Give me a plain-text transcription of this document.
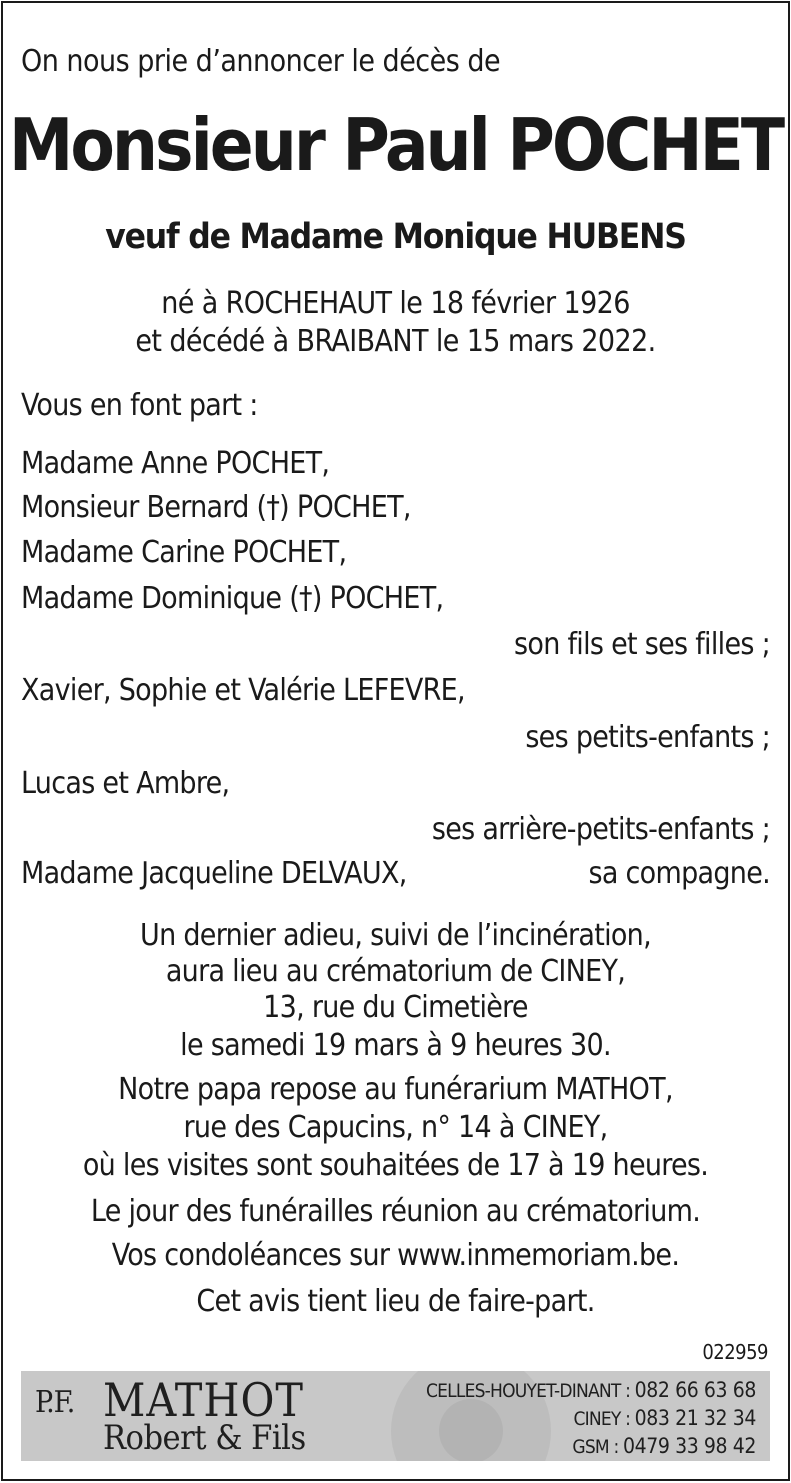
On nous prie d’annoncer le décès de
Monsieur Paul POCHET
veuf de Madame Monique HUBENS
né à ROCHEHAUT le 18 février 1926
et décédé à BRAIBANT le 15 mars 2022.
Vous en font part :
Madame Anne POCHET,
Monsieur Bernard (†) POCHET,
Madame Carine POCHET,
Madame Dominique (†) POCHET,
son fils et ses filles ;
Xavier, Sophie et Valérie LEFEVRE,
ses petits-enfants ;
Lucas et Ambre,
ses arrière-petits-enfants ;
Madame Jacqueline DELVAUX,	sa compagne.
Un dernier adieu, suivi de l’incinération,
aura lieu au crématorium de CINEY,
13, rue du Cimetière
le samedi 19 mars à 9 heures 30.
Notre papa repose au funérarium MATHOT,
rue des Capucins, n° 14 à CINEY,
où les visites sont souhaitées de 17 à 19 heures.
Le jour des funérailles réunion au crématorium.
Vos condoléances sur www.inmemoriam.be.
Cet avis tient lieu de faire-part.
022959
P.F. MATHOT
Robert & Fils
CELLES-HOUYET-DINANT : 082 66 63 68
CINEY : 083 21 32 34
GSM : 0479 33 98 42
